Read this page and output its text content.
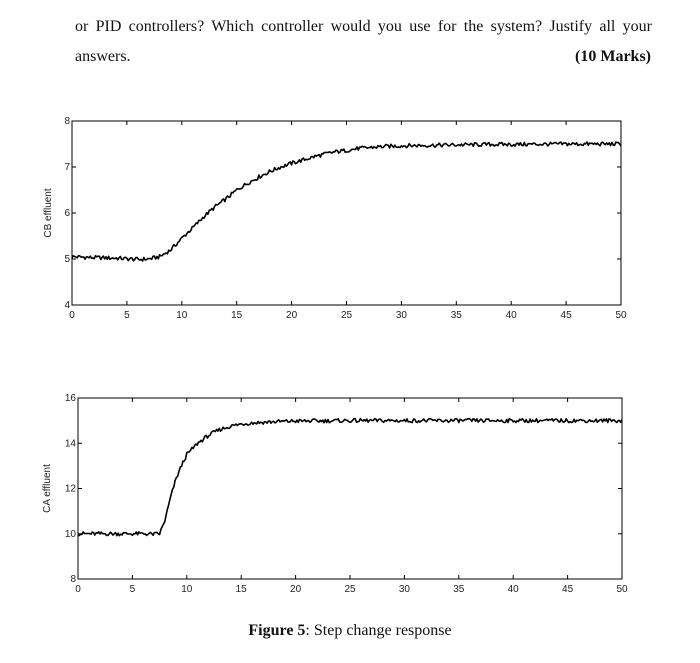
or PID controllers? Which controller would you use for the system? Justify all your
answers.	(10 Marks)
0	5	10	15	20	25	30	35	40	45	50
4
5
6
7
8
CB effluent
0	5	10	15	20	25	30	35	40	45	50
8
10
12
14
16
CA effluent
Figure 5: Step change response
